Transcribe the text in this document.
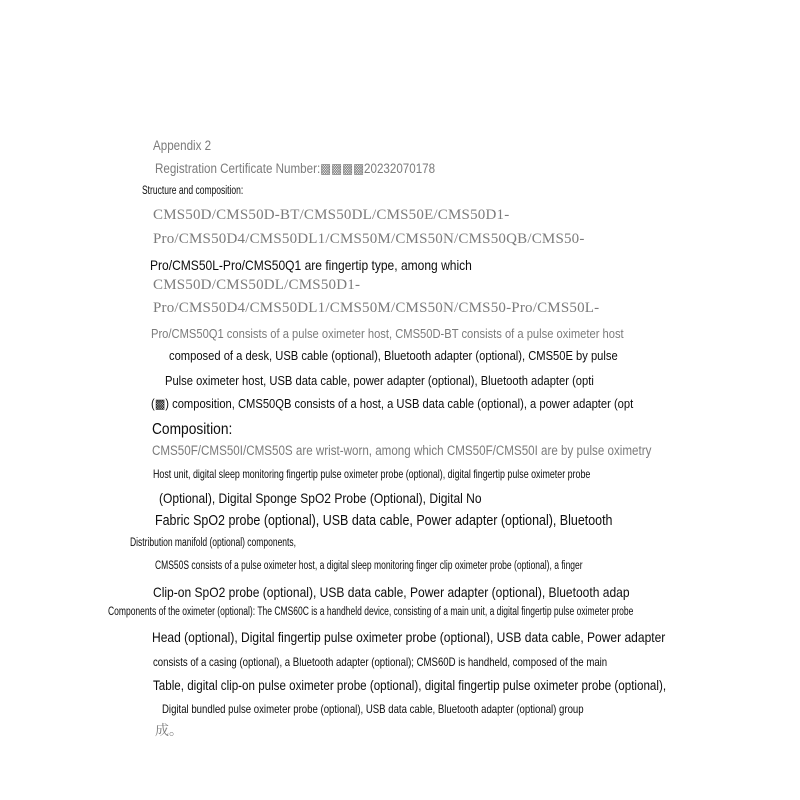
Appendix 2
Registration Certificate Number:▩▩▩▩20232070178
Structure and composition:
CMS50D/CMS50D-BT/CMS50DL/CMS50E/CMS50D1-
Pro/CMS50D4/CMS50DL1/CMS50M/CMS50N/CMS50QB/CMS50-
Pro/CMS50L-Pro/CMS50Q1 are fingertip type, among which
CMS50D/CMS50DL/CMS50D1-
Pro/CMS50D4/CMS50DL1/CMS50M/CMS50N/CMS50-Pro/CMS50L-
Pro/CMS50Q1 consists of a pulse oximeter host, CMS50D-BT consists of a pulse oximeter host
composed of a desk, USB cable (optional), Bluetooth adapter (optional), CMS50E by pulse
Pulse oximeter host, USB data cable, power adapter (optional), Bluetooth adapter (opti
(▩) composition, CMS50QB consists of a host, a USB data cable (optional), a power adapter (opt
Composition:
CMS50F/CMS50I/CMS50S are wrist-worn, among which CMS50F/CMS50I are by pulse oximetry
Host unit, digital sleep monitoring fingertip pulse oximeter probe (optional), digital fingertip pulse oximeter probe
(Optional), Digital Sponge SpO2 Probe (Optional), Digital No
Fabric SpO2 probe (optional), USB data cable, Power adapter (optional), Bluetooth
Distribution manifold (optional) components,
CMS50S consists of a pulse oximeter host, a digital sleep monitoring finger clip oximeter probe (optional), a finger
Clip-on SpO2 probe (optional), USB data cable, Power adapter (optional), Bluetooth adap
Components of the oximeter (optional): The CMS60C is a handheld device, consisting of a main unit, a digital fingertip pulse oximeter probe
Head (optional), Digital fingertip pulse oximeter probe (optional), USB data cable, Power adapter
consists of a casing (optional), a Bluetooth adapter (optional); CMS60D is handheld, composed of the main
Table, digital clip-on pulse oximeter probe (optional), digital fingertip pulse oximeter probe (optional),
Digital bundled pulse oximeter probe (optional), USB data cable, Bluetooth adapter (optional) group
成。
